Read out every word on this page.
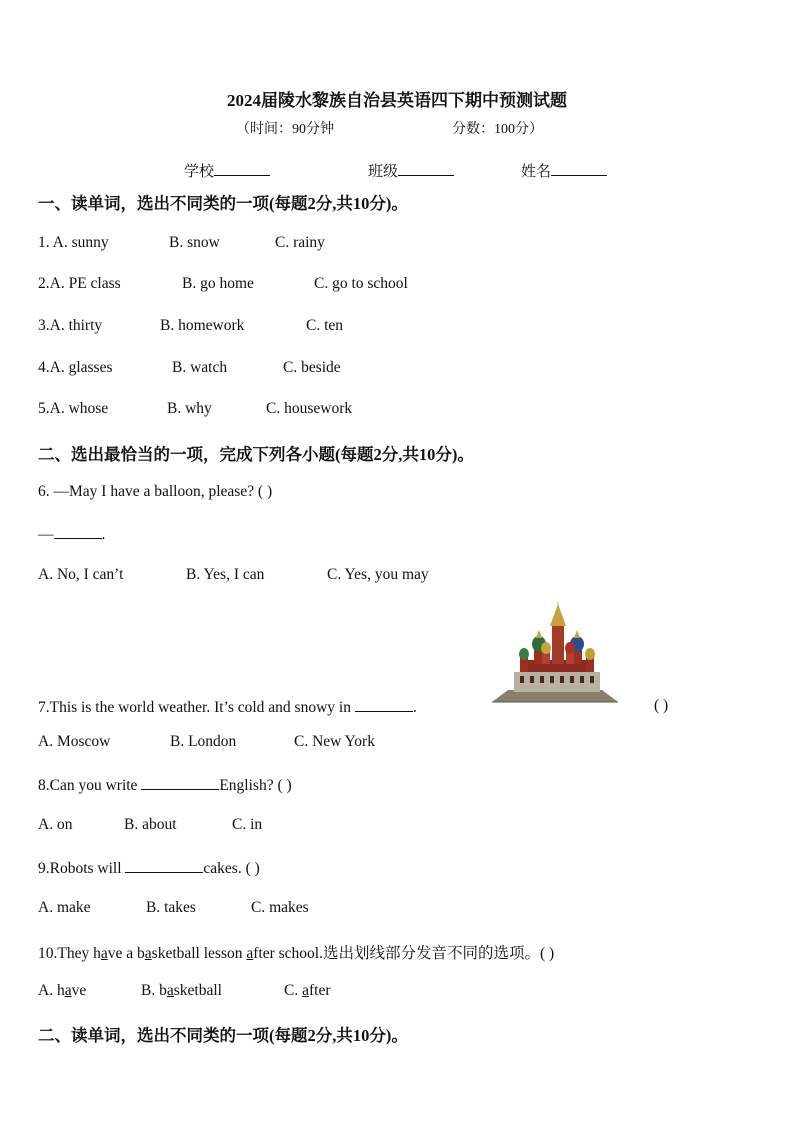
2024届陵水黎族自治县英语四下期中预测试题
（时间：90分钟	分数：100分）
学校	班级	姓名
一、读单词，选出不同类的一项(每题2分,共10分)。
1. A. sunny	B. snow	C. rainy
2.A. PE class	B. go home	C. go to school
3.A. thirty	B. homework	C. ten
4.A. glasses	B. watch	C. beside
5.A. whose	B. why	C. housework
二、选出最恰当的一项，完成下列各小题(每题2分,共10分)。
6. —May I have a balloon, please? ( )
—	.
A. No, I can’t	B. Yes, I can	C. Yes, you may
7.This is the world weather. It’s cold and snowy in	.	( )
A. Moscow	B. London	C. New York
8.Can you write	English? ( )
A. on	B. about	C. in
9.Robots will	cakes. ( )
A. make	B. takes	C. makes
10.They have a basketball lesson after school.选出划线部分发音不同的选项。( )
A. have	B. basketball	C. after
二、读单词，选出不同类的一项(每题2分,共10分)。
